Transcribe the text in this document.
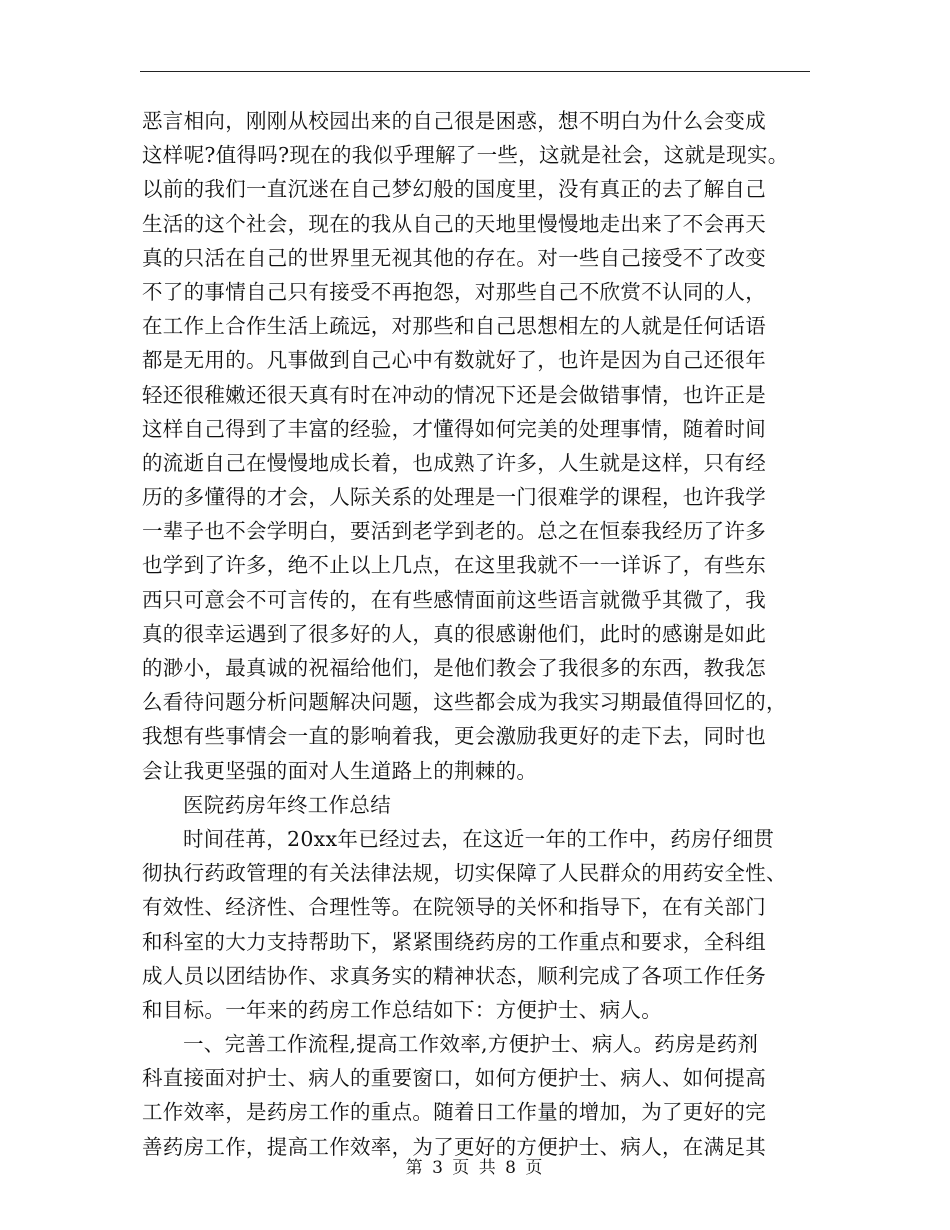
恶言相向，刚刚从校园出来的自己很是困惑，想不明白为什么会变成
这样呢?值得吗?现在的我似乎理解了一些，这就是社会，这就是现实。
以前的我们一直沉迷在自己梦幻般的国度里，没有真正的去了解自己
生活的这个社会，现在的我从自己的天地里慢慢地走出来了不会再天
真的只活在自己的世界里无视其他的存在。对一些自己接受不了改变
不了的事情自己只有接受不再抱怨，对那些自己不欣赏不认同的人，
在工作上合作生活上疏远，对那些和自己思想相左的人就是任何话语
都是无用的。凡事做到自己心中有数就好了，也许是因为自己还很年
轻还很稚嫩还很天真有时在冲动的情况下还是会做错事情，也许正是
这样自己得到了丰富的经验，才懂得如何完美的处理事情，随着时间
的流逝自己在慢慢地成长着，也成熟了许多，人生就是这样，只有经
历的多懂得的才会，人际关系的处理是一门很难学的课程，也许我学
一辈子也不会学明白，要活到老学到老的。总之在恒泰我经历了许多
也学到了许多，绝不止以上几点，在这里我就不一一详诉了，有些东
西只可意会不可言传的，在有些感情面前这些语言就微乎其微了，我
真的很幸运遇到了很多好的人，真的很感谢他们，此时的感谢是如此
的渺小，最真诚的祝福给他们，是他们教会了我很多的东西，教我怎
么看待问题分析问题解决问题，这些都会成为我实习期最值得回忆的，
我想有些事情会一直的影响着我，更会激励我更好的走下去，同时也
会让我更坚强的面对人生道路上的荆棘的。
医院药房年终工作总结
时间荏苒，20xx年已经过去，在这近一年的工作中，药房仔细贯
彻执行药政管理的有关法律法规，切实保障了人民群众的用药安全性、
有效性、经济性、合理性等。在院领导的关怀和指导下，在有关部门
和科室的大力支持帮助下，紧紧围绕药房的工作重点和要求，全科组
成人员以团结协作、求真务实的精神状态，顺利完成了各项工作任务
和目标。一年来的药房工作总结如下：方便护士、病人。
一、完善工作流程,提高工作效率,方便护士、病人。药房是药剂
科直接面对护士、病人的重要窗口，如何方便护士、病人、如何提高
工作效率，是药房工作的重点。随着日工作量的增加，为了更好的完
善药房工作，提高工作效率，为了更好的方便护士、病人，在满足其
第 3 页 共 8 页
